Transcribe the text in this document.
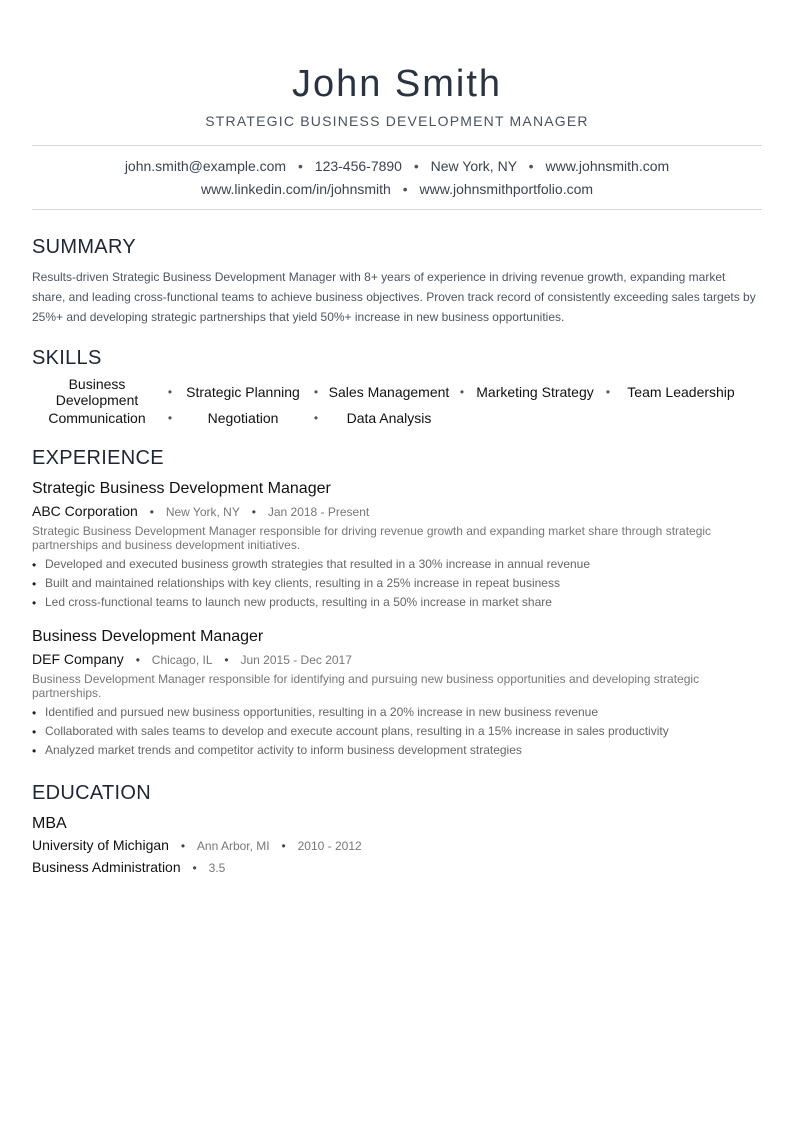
John Smith
STRATEGIC BUSINESS DEVELOPMENT MANAGER
john.smith@example.com • 123-456-7890 • New York, NY • www.johnsmith.com
www.linkedin.com/in/johnsmith • www.johnsmithportfolio.com
SUMMARY
Results-driven Strategic Business Development Manager with 8+ years of experience in driving revenue growth, expanding market share, and leading cross-functional teams to achieve business objectives. Proven track record of consistently exceeding sales targets by 25%+ and developing strategic partnerships that yield 50%+ increase in new business opportunities.
SKILLS
Business Development	•	Strategic Planning	• Sales Management • Marketing Strategy	•	Team Leadership
Communication	•	Negotiation	•	Data Analysis
EXPERIENCE
Strategic Business Development Manager
ABC Corporation • New York, NY • Jan 2018 - Present
Strategic Business Development Manager responsible for driving revenue growth and expanding market share through strategic partnerships and business development initiatives.
• Developed and executed business growth strategies that resulted in a 30% increase in annual revenue
• Built and maintained relationships with key clients, resulting in a 25% increase in repeat business
• Led cross-functional teams to launch new products, resulting in a 50% increase in market share
Business Development Manager
DEF Company • Chicago, IL • Jun 2015 - Dec 2017
Business Development Manager responsible for identifying and pursuing new business opportunities and developing strategic partnerships.
• Identified and pursued new business opportunities, resulting in a 20% increase in new business revenue
• Collaborated with sales teams to develop and execute account plans, resulting in a 15% increase in sales productivity
• Analyzed market trends and competitor activity to inform business development strategies
EDUCATION
MBA
University of Michigan • Ann Arbor, MI • 2010 - 2012
Business Administration • 3.5
